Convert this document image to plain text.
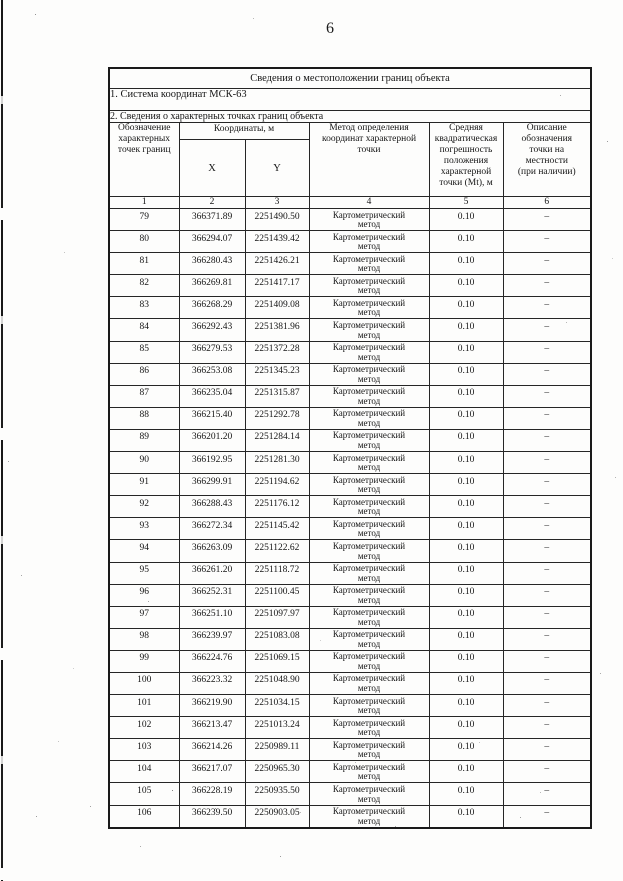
6
Сведения о местоположении границ объекта					
1. Система координат МСК-63					
2. Сведения о характерных точках границ объекта					
Обозначение характерных точек границ	Координаты, м		Метод определения координат характерной точки	Средняя квадратическая погрешность положения характерной точки (Mt), м	Описание обозначения точки на местности (при наличии)
	X	Y			
1	2	3	4	5	6
79	366371.89	2251490.50	Картометрический метод	0.10	–
80	366294.07	2251439.42	Картометрический метод	0.10	–
81	366280.43	2251426.21	Картометрический метод	0.10	–
82	366269.81	2251417.17	Картометрический метод	0.10	–
83	366268.29	2251409.08	Картометрический метод	0.10	–
84	366292.43	2251381.96	Картометрический метод	0.10	–
85	366279.53	2251372.28	Картометрический метод	0.10	–
86	366253.08	2251345.23	Картометрический метод	0.10	–
87	366235.04	2251315.87	Картометрический метод	0.10	–
88	366215.40	2251292.78	Картометрический метод	0.10	–
89	366201.20	2251284.14	Картометрический метод	0.10	–
90	366192.95	2251281.30	Картометрический метод	0.10	–
91	366299.91	2251194.62	Картометрический метод	0.10	–
92	366288.43	2251176.12	Картометрический метод	0.10	–
93	366272.34	2251145.42	Картометрический метод	0.10	–
94	366263.09	2251122.62	Картометрический метод	0.10	–
95	366261.20	2251118.72	Картометрический метод	0.10	–
96	366252.31	2251100.45	Картометрический метод	0.10	–
97	366251.10	2251097.97	Картометрический метод	0.10	–
98	366239.97	2251083.08	Картометрический метод	0.10	–
99	366224.76	2251069.15	Картометрический метод	0.10	–
100	366223.32	2251048.90	Картометрический метод	0.10	–
101	366219.90	2251034.15	Картометрический метод	0.10	–
102	366213.47	2251013.24	Картометрический метод	0.10	–
103	366214.26	2250989.11	Картометрический метод	0.10	–
104	366217.07	2250965.30	Картометрический метод	0.10	–
105	366228.19	2250935.50	Картометрический метод	0.10	–
106	366239.50	2250903.05	Картометрический метод	0.10	–
